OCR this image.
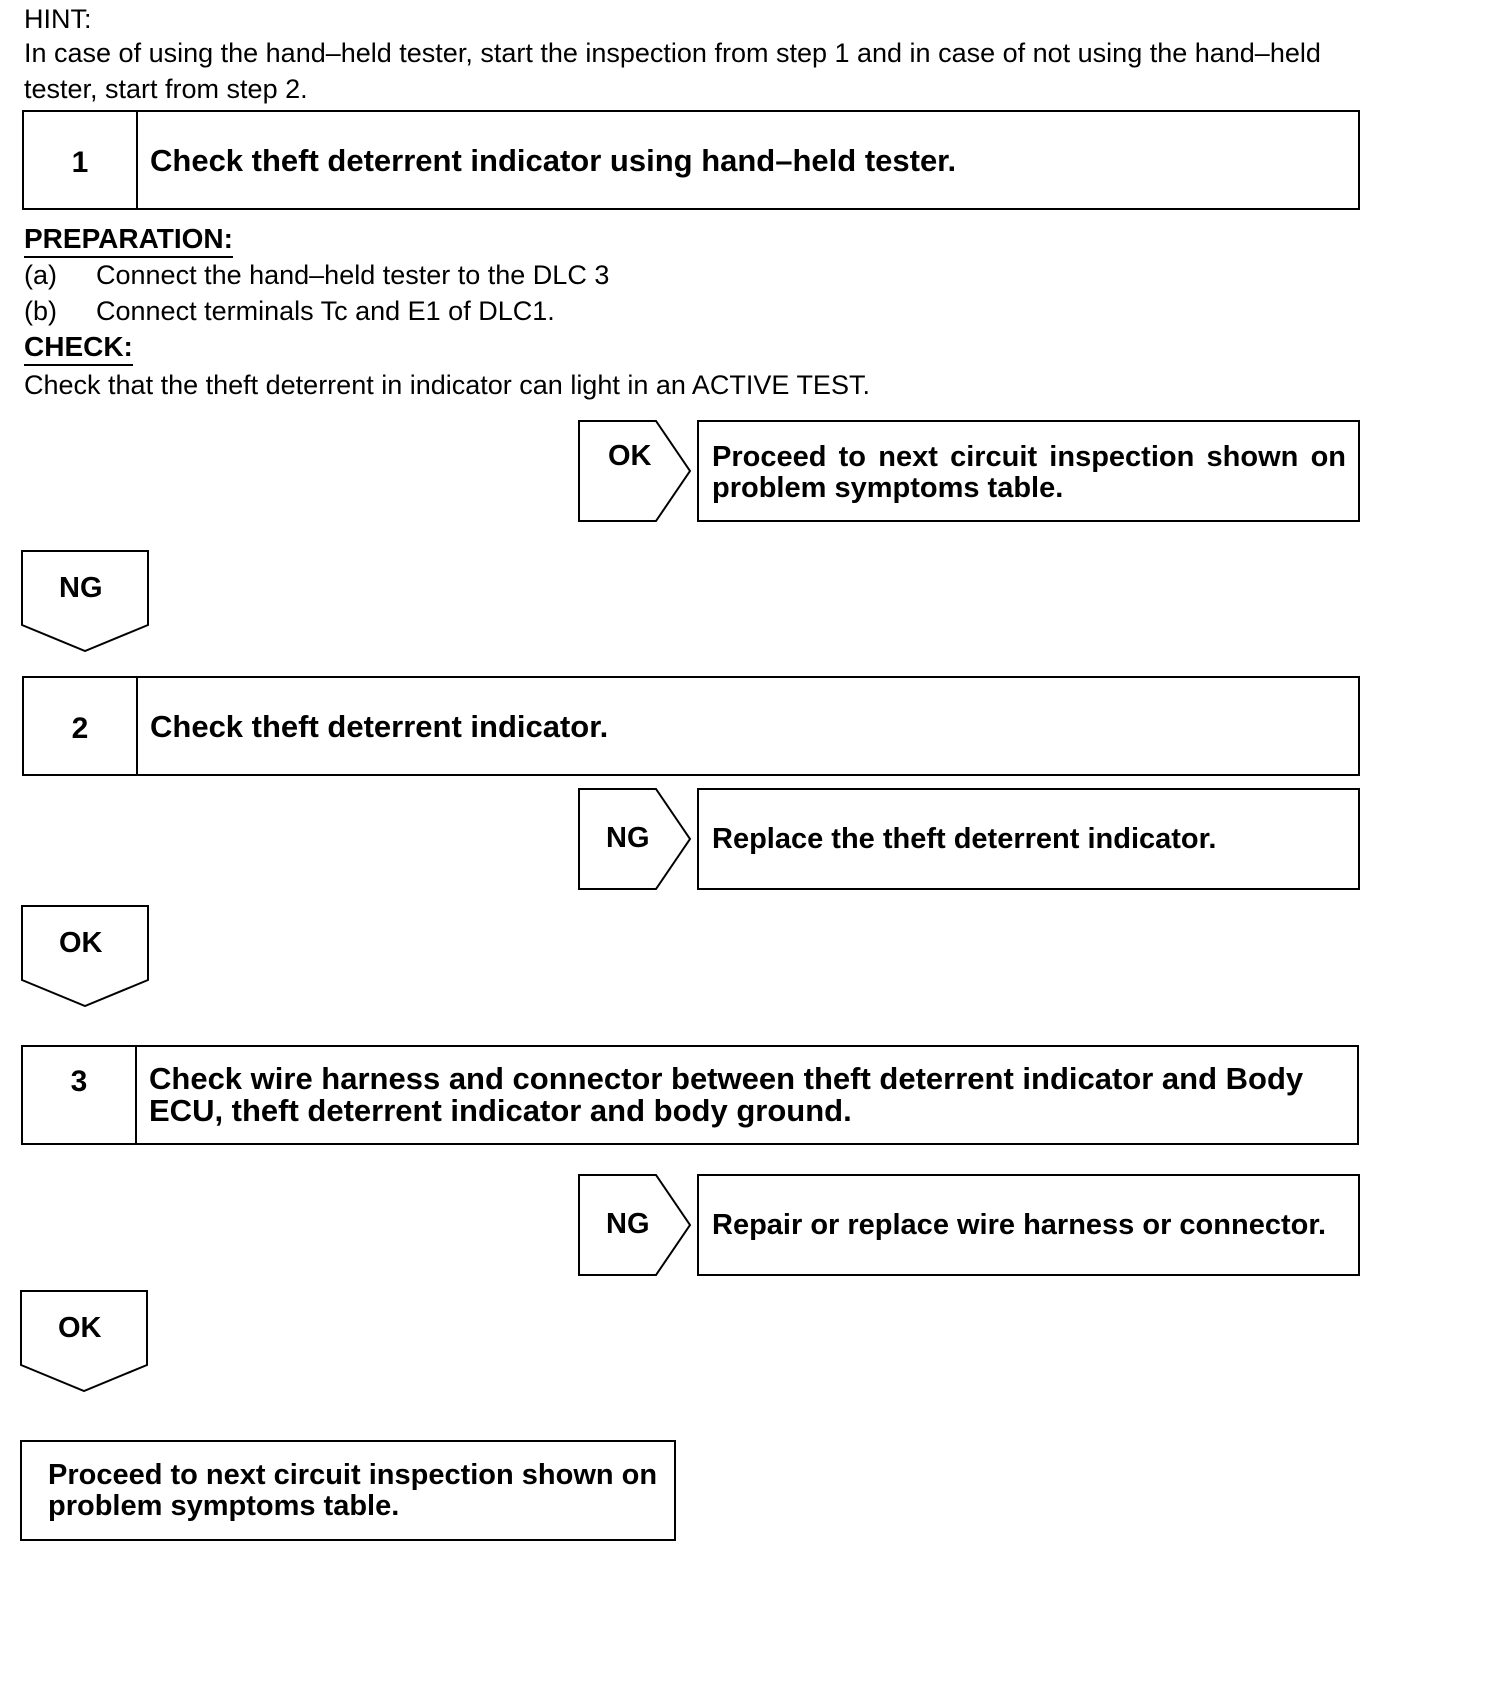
HINT:
In case of using the hand–held tester, start the inspection from step 1 and in case of not using the hand–held tester, start from step 2.
1	Check theft deterrent indicator using hand–held tester.
PREPARATION:
(a) Connect the hand–held tester to the DLC 3
(b) Connect terminals Tc and E1 of DLC1.
CHECK:
Check that the theft deterrent in indicator can light in an ACTIVE TEST.
OK	Proceed to next circuit inspection shown on problem symptoms table.
NG
2	Check theft deterrent indicator.
NG	Replace the theft deterrent indicator.
OK
3	Check wire harness and connector between theft deterrent indicator and Body ECU, theft deterrent indicator and body ground.
NG	Repair or replace wire harness or connector.
OK
Proceed to next circuit inspection shown on problem symptoms table.
